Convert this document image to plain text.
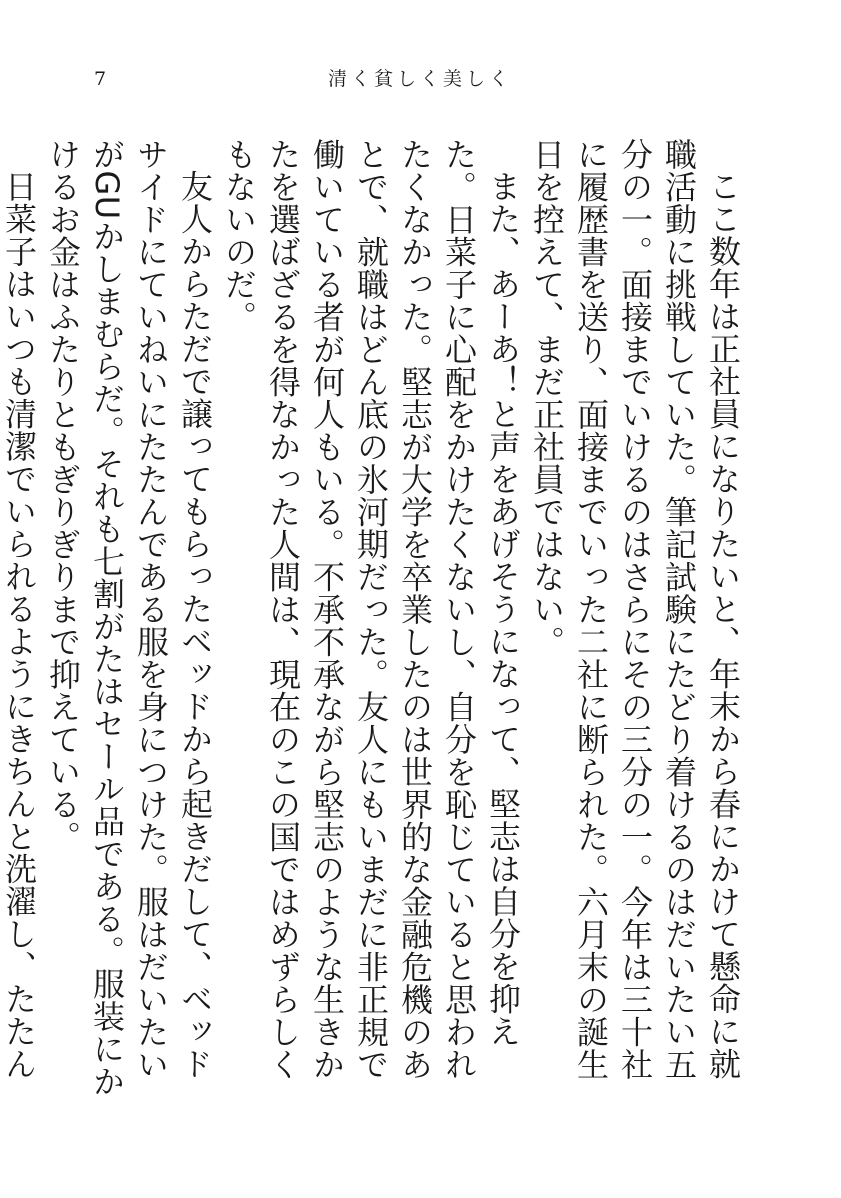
7	清く貧しく美しく

ここ数年は正社員になりたいと、年末から春にかけて懸命に就職活動に挑戦していた。筆記試験にたどり着けるのはだいたい五分の一。面接までいけるのはさらにその三分の一。今年は三十社に履歴書を送り、面接までいった二社に断られた。六月末の誕生日を控えて、まだ正社員ではない。

また、あーあ！と声をあげそうになって、堅志は自分を抑えた。日菜子に心配をかけたくないし、自分を恥じていると思われたくなかった。堅志が大学を卒業したのは世界的な金融危機のあとで、就職はどん底の氷河期だった。友人にもいまだに非正規で働いている者が何人もいる。不承不承ながら堅志のような生きかたを選ばざるを得なかった人間は、現在のこの国ではめずらしくもないのだ。

友人からただで譲ってもらったベッドから起きだして、ベッドサイドにていねいにたたんである服を身につけた。服はだいたいがGUかしまむらだ。それも七割がたはセール品である。服装にかけるお金はふたりともぎりぎりまで抑えている。

日菜子はいつも清潔でいられるようにきちんと洗濯し、たたん
